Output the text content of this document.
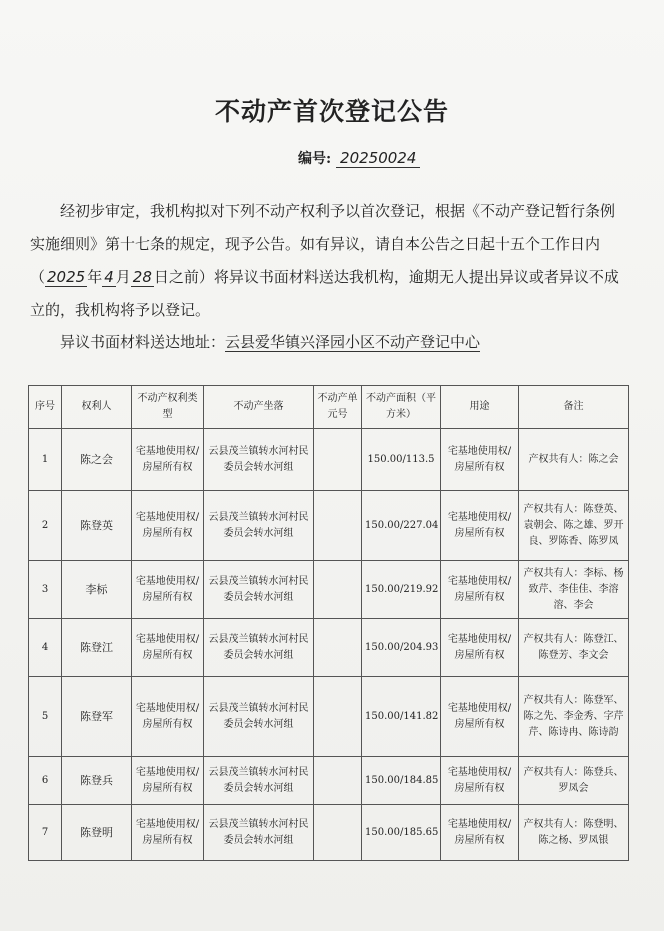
不动产首次登记公告
编号: 20250024
经初步审定，我机构拟对下列不动产权利予以首次登记，根据《不动产登记暂行条例实施细则》第十七条的规定，现予公告。如有异议，请自本公告之日起十五个工作日内（ 2025 年 4 月 28 日之前）将异议书面材料送达我机构，逾期无人提出异议或者异议不成立的，我机构将予以登记。
异议书面材料送达地址：云县爱华镇兴泽园小区不动产登记中心
序号	权利人	不动产权利类型	不动产坐落	不动产单元号	不动产面积（平方米）	用途	备注
1	陈之会	宅基地使用权/房屋所有权	云县茂兰镇转水河村民委员会转水河组		150.00/113.5	宅基地使用权/房屋所有权	产权共有人：陈之会
2	陈登英	宅基地使用权/房屋所有权	云县茂兰镇转水河村民委员会转水河组		150.00/227.04	宅基地使用权/房屋所有权	产权共有人：陈登英、袁朝会、陈之雄、罗开良、罗陈香、陈罗凤
3	李标	宅基地使用权/房屋所有权	云县茂兰镇转水河村民委员会转水河组		150.00/219.92	宅基地使用权/房屋所有权	产权共有人：李标、杨致芹、李佳佳、李溶溶、李会
4	陈登江	宅基地使用权/房屋所有权	云县茂兰镇转水河村民委员会转水河组		150.00/204.93	宅基地使用权/房屋所有权	产权共有人：陈登江、陈登芳、李文会
5	陈登军	宅基地使用权/房屋所有权	云县茂兰镇转水河村民委员会转水河组		150.00/141.82	宅基地使用权/房屋所有权	产权共有人：陈登军、陈之先、李金秀、字芹芹、陈诗冉、陈诗韵
6	陈登兵	宅基地使用权/房屋所有权	云县茂兰镇转水河村民委员会转水河组		150.00/184.85	宅基地使用权/房屋所有权	产权共有人：陈登兵、罗凤会
7	陈登明	宅基地使用权/房屋所有权	云县茂兰镇转水河村民委员会转水河组		150.00/185.65	宅基地使用权/房屋所有权	产权共有人：陈登明、陈之杨、罗凤银
